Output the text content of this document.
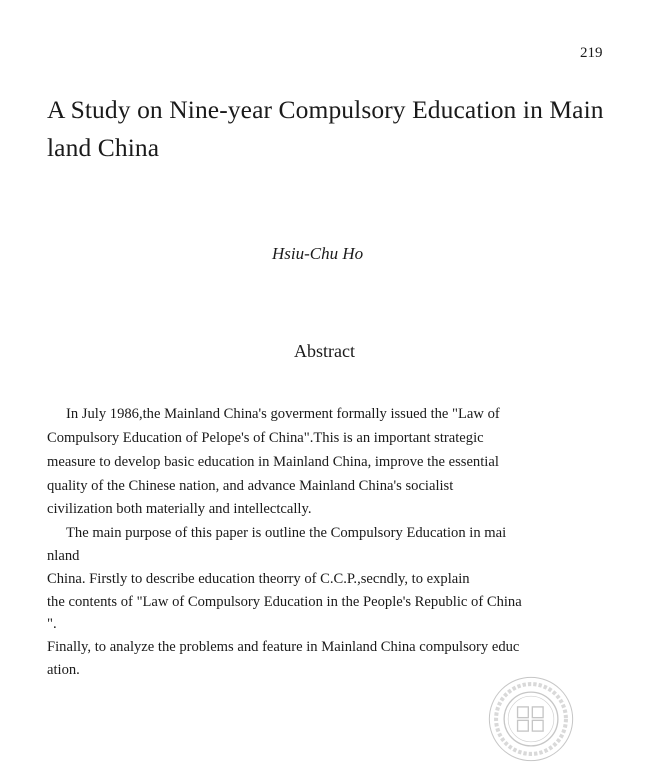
219
A Study on Nine-year Compulsory Education in Main
land China
Hsiu-Chu Ho
Abstract
In July 1986,the Mainland China's goverment formally issued the "Law of
Compulsory Education of Pelope's of China".This is an important strategic
measure to develop basic education in Mainland China, improve the essential
quality of the Chinese nation, and advance Mainland China's socialist
civilization both materially and intellectcally.
The main purpose of this paper is outline the Compulsory Education in mai
nland
China. Firstly to describe education theorry of C.C.P.,secndly, to explain
the contents of "Law of Compulsory Education in the People's Republic of China
".
Finally, to analyze the problems and feature in Mainland China compulsory educ
ation.
